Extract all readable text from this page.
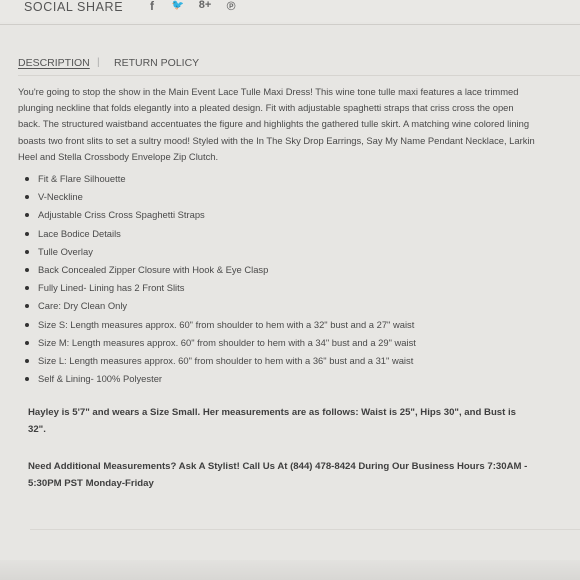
SOCIAL SHARE	f	🐦 8+ ℗
DESCRIPTION | RETURN POLICY
You're going to stop the show in the Main Event Lace Tulle Maxi Dress! This wine tone tulle maxi features a lace trimmed
plunging neckline that folds elegantly into a pleated design. Fit with adjustable spaghetti straps that criss cross the open
back. The structured waistband accentuates the figure and highlights the gathered tulle skirt. A matching wine colored lining
boasts two front slits to set a sultry mood! Styled with the In The Sky Drop Earrings, Say My Name Pendant Necklace, Larkin
Heel and Stella Crossbody Envelope Zip Clutch.
Fit & Flare Silhouette
V-Neckline
Adjustable Criss Cross Spaghetti Straps
Lace Bodice Details
Tulle Overlay
Back Concealed Zipper Closure with Hook & Eye Clasp
Fully Lined- Lining has 2 Front Slits
Care: Dry Clean Only
Size S: Length measures approx. 60" from shoulder to hem with a 32" bust and a 27" waist
Size M: Length measures approx. 60" from shoulder to hem with a 34" bust and a 29" waist
Size L: Length measures approx. 60" from shoulder to hem with a 36" bust and a 31" waist
Self & Lining- 100% Polyester
Hayley is 5'7" and wears a Size Small. Her measurements are as follows: Waist is 25", Hips 30", and Bust is
32".
Need Additional Measurements? Ask A Stylist! Call Us At (844) 478-8424 During Our Business Hours 7:30AM -
5:30PM PST Monday-Friday
